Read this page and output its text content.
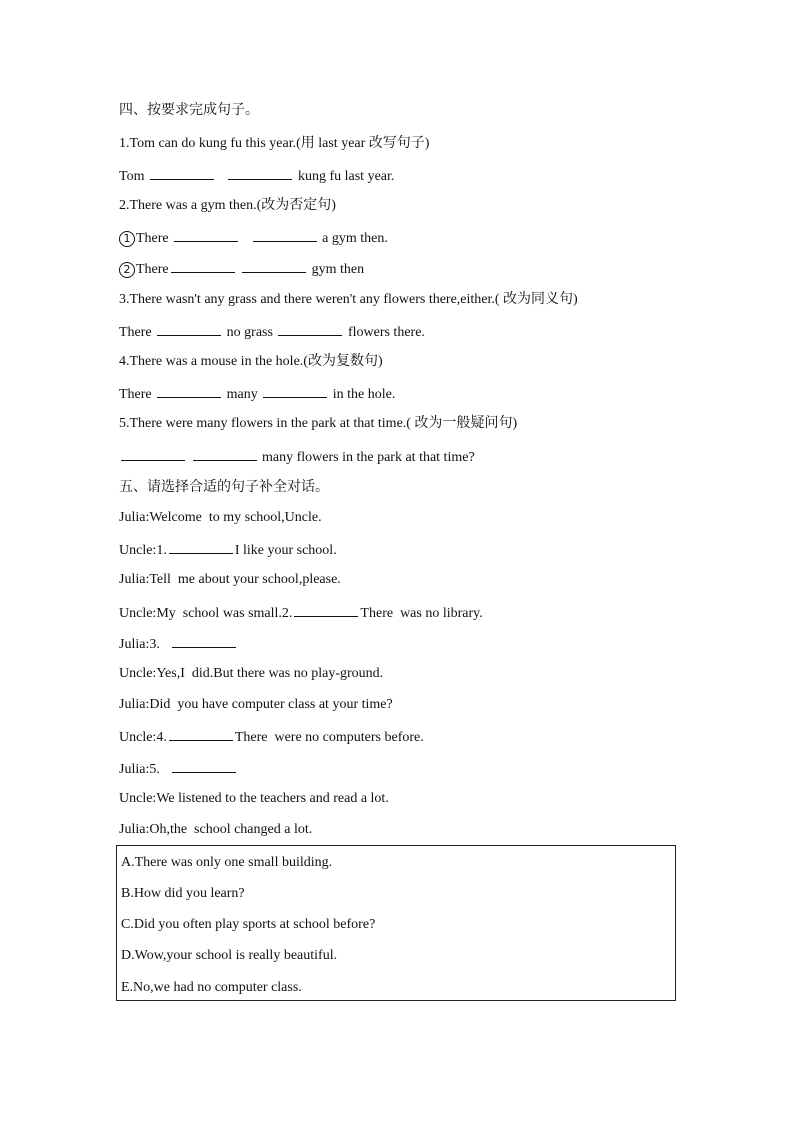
四、按要求完成句子。
1.Tom can do kung fu this year.(用 last year 改写句子)
Tom	kung fu last year.
2.There was a gym then.(改为否定句)
1 There	a gym then.
2 There	gym then
3.There wasn't any grass and there weren't any flowers there,either.( 改为同义句)
There	no grass	flowers there.
4.There was a mouse in the hole.(改为复数句)
There	many	in the hole.
5.There were many flowers in the park at that time.( 改为一般疑问句)
many flowers in the park at that time?
五、请选择合适的句子补全对话。
Julia:Welcome  to my school,Uncle.
Uncle:1.	I like your school.
Julia:Tell  me about your school,please.
Uncle:My  school was small.2.	There  was no library.
Julia:3.
Uncle:Yes,I  did.But there was no play-ground.
Julia:Did  you have computer class at your time?
Uncle:4.	There  were no computers before.
Julia:5.
Uncle:We listened to the teachers and read a lot.
Julia:Oh,the  school changed a lot.
A.There was only one small building.
B.How did you learn?
C.Did you often play sports at school before?
D.Wow,your school is really beautiful.
E.No,we had no computer class.
